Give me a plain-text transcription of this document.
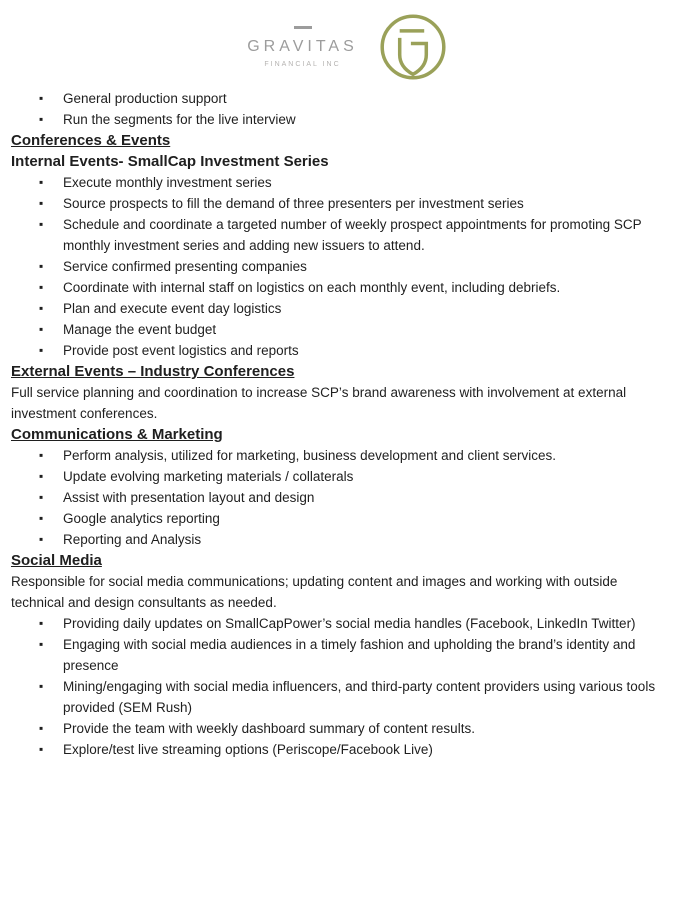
GRAVITAS
FINANCIAL INC
▪ General production support
▪ Run the segments for the live interview
Conferences & Events
Internal Events- SmallCap Investment Series
▪ Execute monthly investment series
▪ Source prospects to fill the demand of three presenters per investment series
▪ Schedule and coordinate a targeted number of weekly prospect appointments for promoting SCP monthly investment series and adding new issuers to attend.
▪ Service confirmed presenting companies
▪ Coordinate with internal staff on logistics on each monthly event, including debriefs.
▪ Plan and execute event day logistics
▪ Manage the event budget
▪ Provide post event logistics and reports
External Events – Industry Conferences

Full service planning and coordination to increase SCP’s brand awareness with involvement at external investment conferences.

Communications & Marketing
▪ Perform analysis, utilized for marketing, business development and client services.
▪ Update evolving marketing materials / collaterals
▪ Assist with presentation layout and design
▪ Google analytics reporting
▪ Reporting and Analysis
Social Media

Responsible for social media communications; updating content and images and working with outside technical and design consultants as needed.

▪ Providing daily updates on SmallCapPower’s social media handles (Facebook, LinkedIn Twitter)
▪ Engaging with social media audiences in a timely fashion and upholding the brand’s identity and presence
▪ Mining/engaging with social media influencers, and third-party content providers using various tools provided (SEM Rush)
▪ Provide the team with weekly dashboard summary of content results.
▪ Explore/test live streaming options (Periscope/Facebook Live)
